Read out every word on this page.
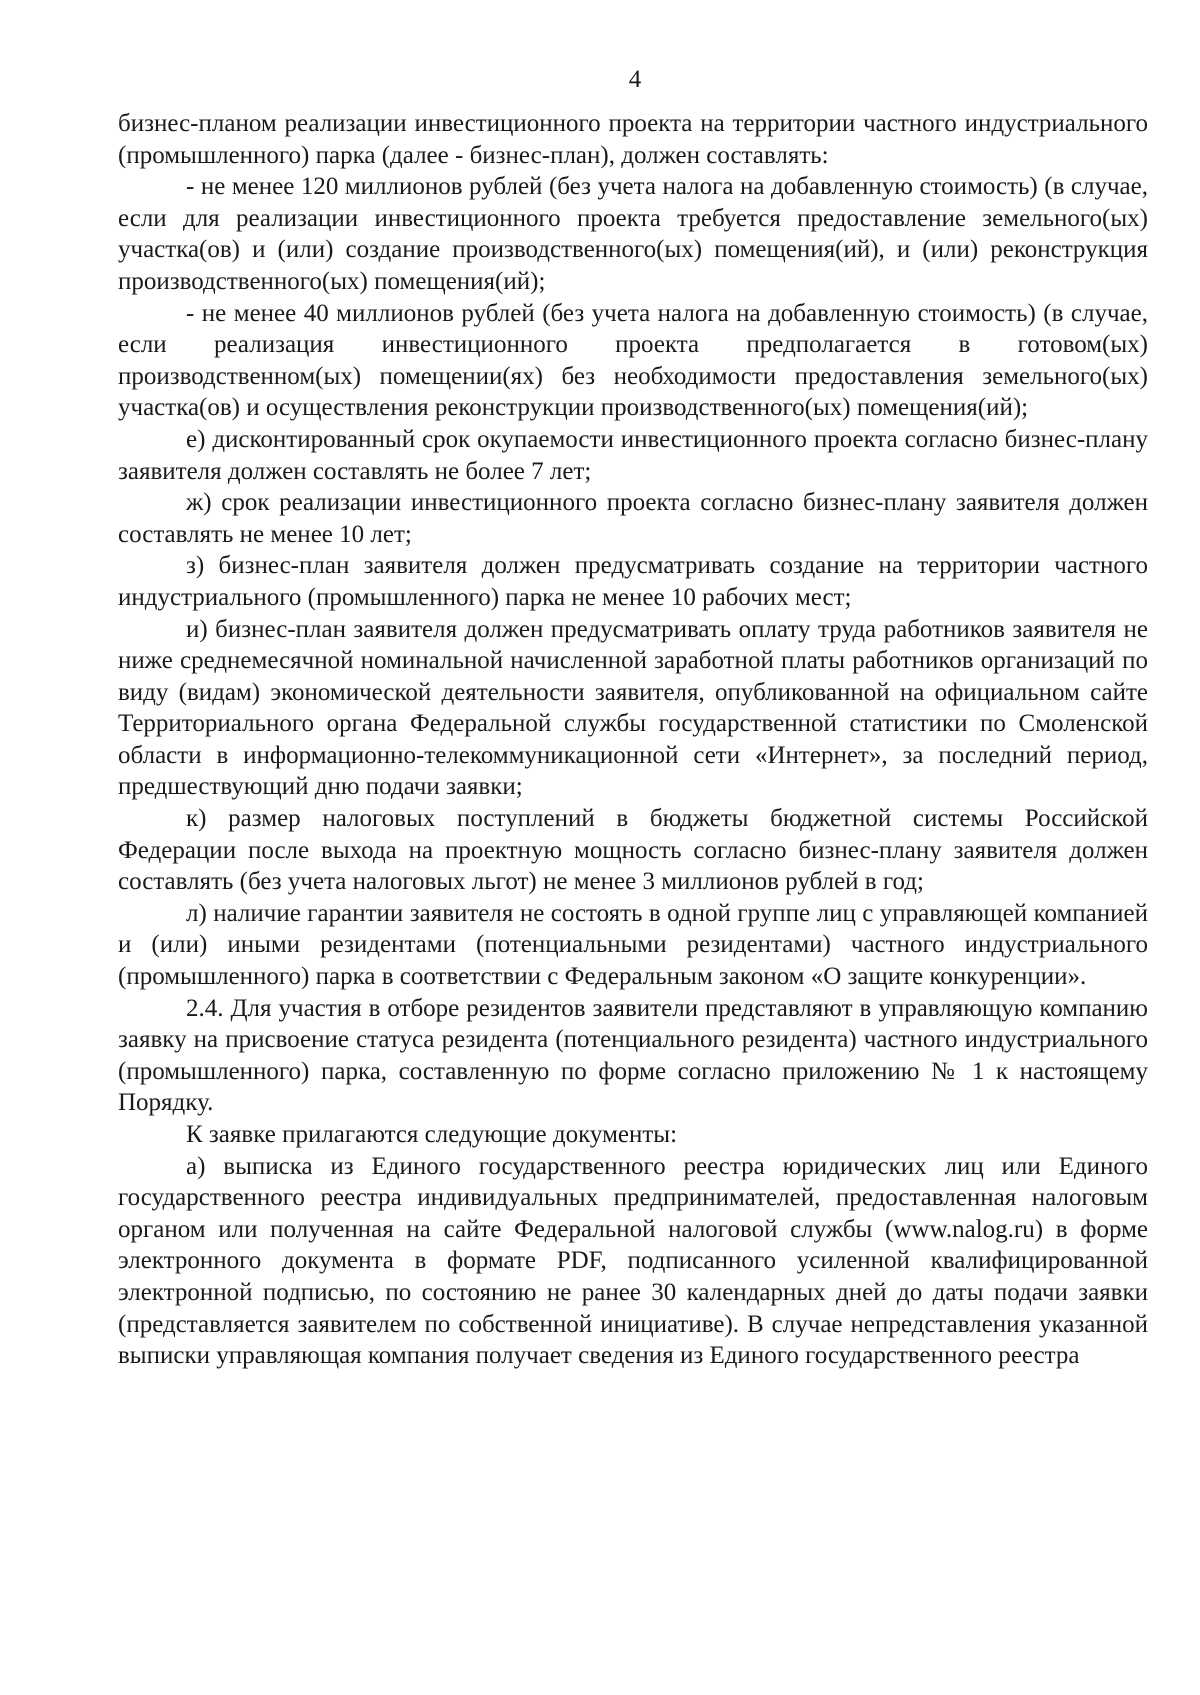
4

бизнес-планом реализации инвестиционного проекта на территории частного индустриального (промышленного) парка (далее - бизнес-план), должен составлять:

- не менее 120 миллионов рублей (без учета налога на добавленную стоимость) (в случае, если для реализации инвестиционного проекта требуется предоставление земельного(ых) участка(ов) и (или) создание производственного(ых) помещения(ий), и (или) реконструкция производственного(ых) помещения(ий);

- не менее 40 миллионов рублей (без учета налога на добавленную стоимость) (в случае, если реализация инвестиционного проекта предполагается в готовом(ых) производственном(ых) помещении(ях) без необходимости предоставления земельного(ых) участка(ов) и осуществления реконструкции производственного(ых) помещения(ий);

е) дисконтированный срок окупаемости инвестиционного проекта согласно бизнес-плану заявителя должен составлять не более 7 лет;

ж) срок реализации инвестиционного проекта согласно бизнес-плану заявителя должен составлять не менее 10 лет;

з) бизнес-план заявителя должен предусматривать создание на территории частного индустриального (промышленного) парка не менее 10 рабочих мест;

и) бизнес-план заявителя должен предусматривать оплату труда работников заявителя не ниже среднемесячной номинальной начисленной заработной платы работников организаций по виду (видам) экономической деятельности заявителя, опубликованной на официальном сайте Территориального органа Федеральной службы государственной статистики по Смоленской области в информационно-телекоммуникационной сети «Интернет», за последний период, предшествующий дню подачи заявки;

к) размер налоговых поступлений в бюджеты бюджетной системы Российской Федерации после выхода на проектную мощность согласно бизнес-плану заявителя должен составлять (без учета налоговых льгот) не менее 3 миллионов рублей в год;

л) наличие гарантии заявителя не состоять в одной группе лиц с управляющей компанией и (или) иными резидентами (потенциальными резидентами) частного индустриального (промышленного) парка в соответствии с Федеральным законом «О защите конкуренции».

2.4. Для участия в отборе резидентов заявители представляют в управляющую компанию заявку на присвоение статуса резидента (потенциального резидента) частного индустриального (промышленного) парка, составленную по форме согласно приложению № 1 к настоящему Порядку.

К заявке прилагаются следующие документы:

а) выписка из Единого государственного реестра юридических лиц или Единого государственного реестра индивидуальных предпринимателей, предоставленная налоговым органом или полученная на сайте Федеральной налоговой службы (www.nalog.ru) в форме электронного документа в формате PDF, подписанного усиленной квалифицированной электронной подписью, по состоянию не ранее 30 календарных дней до даты подачи заявки (представляется заявителем по собственной инициативе). В случае непредставления указанной выписки управляющая компания получает сведения из Единого государственного реестра
